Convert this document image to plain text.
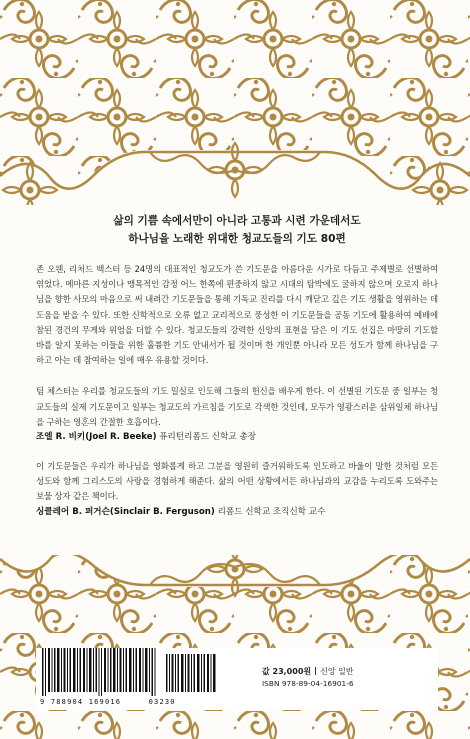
삶의 기쁨 속에서만이 아니라 고통과 시련 가운데서도
하나님을 노래한 위대한 청교도들의 기도 80편

존 오웬, 리처드 백스터 등 24명의 대표적인 청교도가 쓴 기도문을 아름다운 시가로 다듬고 주제별로 선별하여 엮었다. 메마른 지성이나 맹목적인 감정 어느 한쪽에 편중하지 않고 시대의 탐박에도 굴하지 않으며 오로지 하나님을 향한 사모의 마음으로 써 내려간 기도문들을 통해 기독교 진리를 다시 깨닫고 깊은 기도 생활을 영위하는 데 도움을 받을 수 있다. 또한 신학적으로 오류 없고 교리적으로 풍성한 이 기도문들을 공동 기도에 활용하여 예배에 참된 경건의 무게와 위엄을 더할 수 있다. 청교도들의 강력한 신앙의 표현을 담은 이 기도 선집은 마땅히 기도할 바를 알지 못하는 이들을 위한 훌륭한 기도 안내서가 될 것이며 한 개인뿐 아니라 모든 성도가 함께 하나님을 구하고 아는 데 참여하는 일에 매우 유용할 것이다.

팀 체스터는 우리를 청교도들의 기도 밀실로 인도해 그들의 헌신을 배우게 한다. 이 선별된 기도문 중 일부는 청교도들의 실제 기도문이고 일부는 청교도의 가르침을 기도로 각색한 것인데, 모두가 영광스러운 삼위일체 하나님을 구하는 영혼의 간절한 호흡이다.

조엘 R. 비키(Joel R. Beeke) 퓨리턴리폼드 신학교 총장

이 기도문들은 우리가 하나님을 영화롭게 하고 그분을 영원히 즐거워하도록 인도하고 바울이 말한 것처럼 모든 성도와 함께 그리스도의 사랑을 경험하게 해준다. 삶의 어떤 상황에서든 하나님과의 교감을 누리도록 도와주는 보물 상자 같은 책이다.

싱클레어 B. 퍼거슨(Sinclair B. Ferguson) 리폼드 신학교 조직신학 교수

9 788904 169016	03230
값 23,000원 신앙 일반
ISBN 978-89-04-16901-6
